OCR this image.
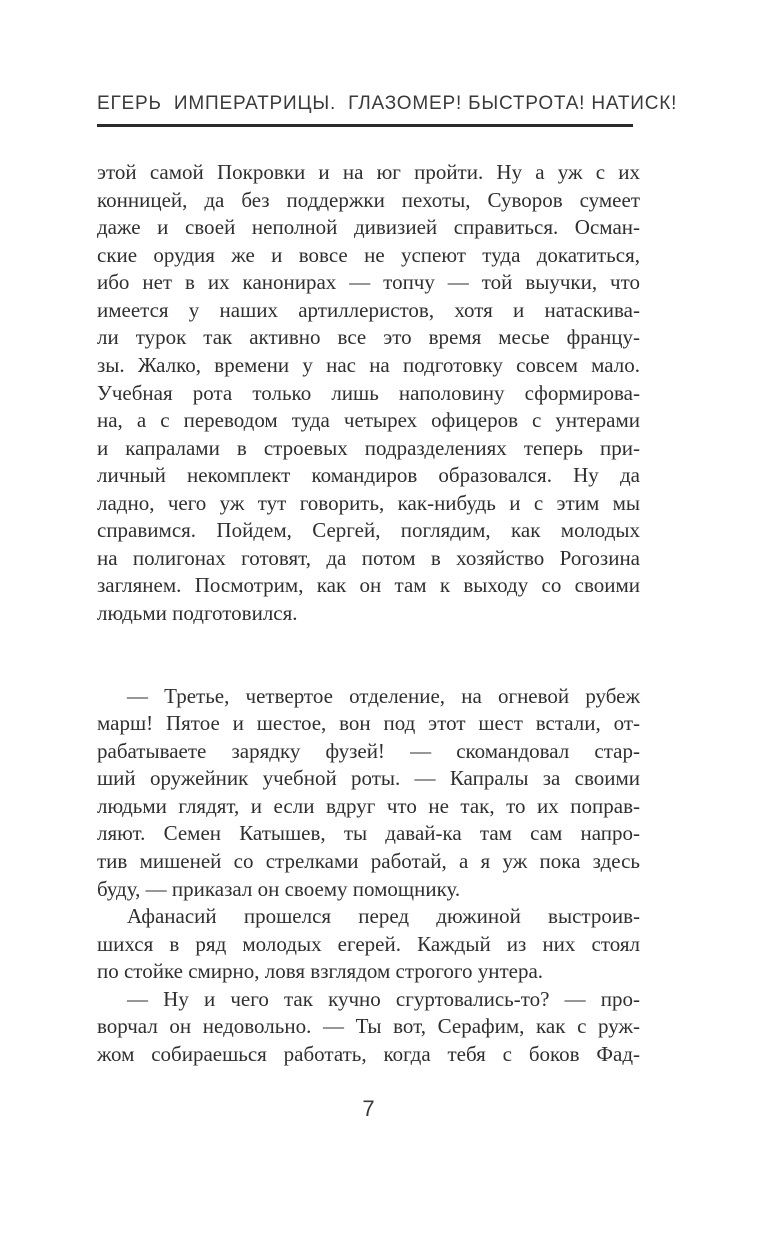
ЕГЕРЬ  ИМПЕРАТРИЦЫ.  ГЛАЗОМЕР! БЫСТРОТА! НАТИСК!
этой самой Покровки и на юг пройти. Ну а уж с их
конницей, да без поддержки пехоты, Суворов сумеет
даже и своей неполной дивизией справиться. Осман-
ские орудия же и вовсе не успеют туда докатиться,
ибо нет в их канонирах — топчу — той выучки, что
имеется у наших артиллеристов, хотя и натаскива-
ли турок так активно все это время месье францу-
зы. Жалко, времени у нас на подготовку совсем мало.
Учебная рота только лишь наполовину сформирова-
на, а с переводом туда четырех офицеров с унтерами
и капралами в строевых подразделениях теперь при-
личный некомплект командиров образовался. Ну да
ладно, чего уж тут говорить, как-нибудь и с этим мы
справимся. Пойдем, Сергей, поглядим, как молодых
на полигонах готовят, да потом в хозяйство Рогозина
заглянем. Посмотрим, как он там к выходу со своими
людьми подготовился.
— Третье, четвертое отделение, на огневой рубеж
марш! Пятое и шестое, вон под этот шест встали, от-
рабатываете зарядку фузей! — скомандовал стар-
ший оружейник учебной роты. — Капралы за своими
людьми глядят, и если вдруг что не так, то их поправ-
ляют. Семен Катышев, ты давай-ка там сам напро-
тив мишеней со стрелками работай, а я уж пока здесь
буду, — приказал он своему помощнику.
Афанасий прошелся перед дюжиной выстроив-
шихся в ряд молодых егерей. Каждый из них стоял
по стойке смирно, ловя взглядом строгого унтера.
— Ну и чего так кучно сгуртовались-то? — про-
ворчал он недовольно. — Ты вот, Серафим, как с руж-
жом собираешься работать, когда тебя с боков Фад-
7
